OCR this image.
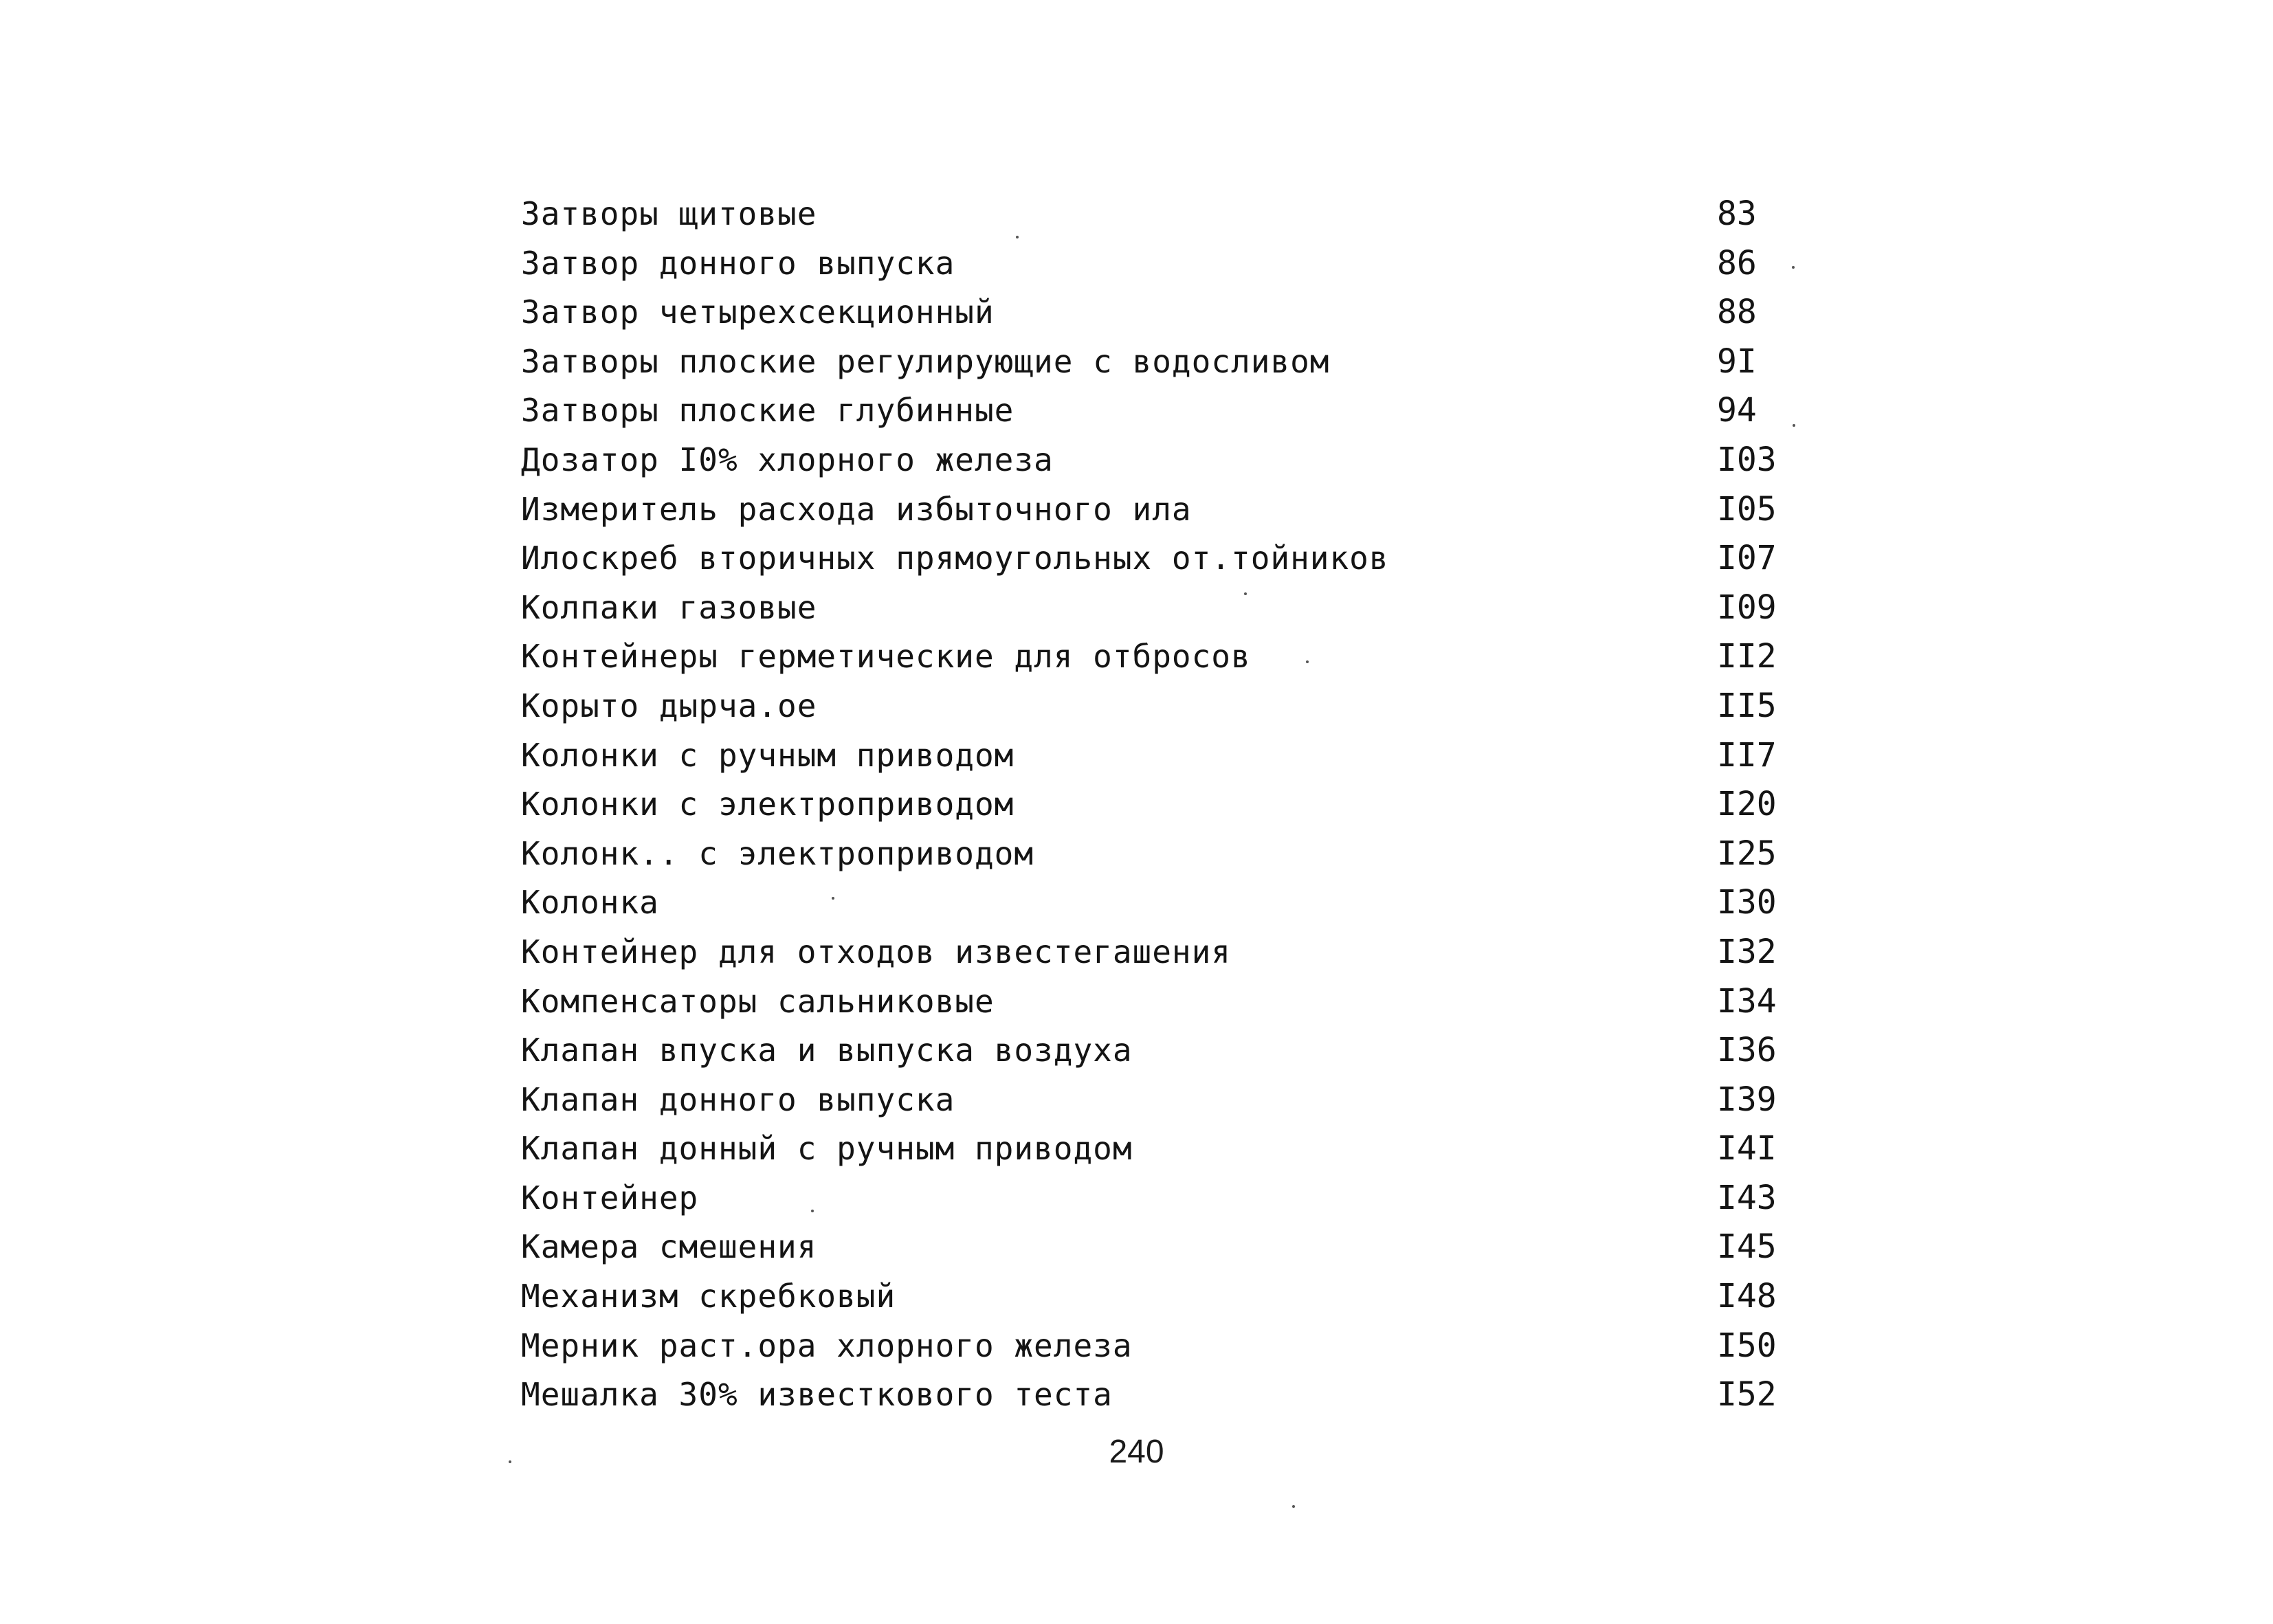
Затворы щитовые	83
Затвор донного выпуска	86
Затвор четырехсекционный	88
Затворы плоские регулирующие с водосливом	9I
Затворы плоские глубинные	94
Дозатор I0% хлорного железа	I03
Измеритель расхода избыточного ила	I05
Илоскреб вторичных прямоугольных от.тойников	I07
Колпаки газовые	I09
Контейнеры герметические для отбросов	II2
Корыто дырча.ое	II5
Колонки с ручным приводом	II7
Колонки с электроприводом	I20
Колонк.. с электроприводом	I25
Колонка	I30
Контейнер для отходов известегашения	I32
Компенсаторы сальниковые	I34
Клапан впуска и выпуска воздуха	I36
Клапан донного выпуска	I39
Клапан донный с ручным приводом	I4I
Контейнер	I43
Камера смешения	I45
Механизм скребковый	I48
Мерник раст.ора хлорного железа	I50
Мешалка 30% известкового теста	I52
240
